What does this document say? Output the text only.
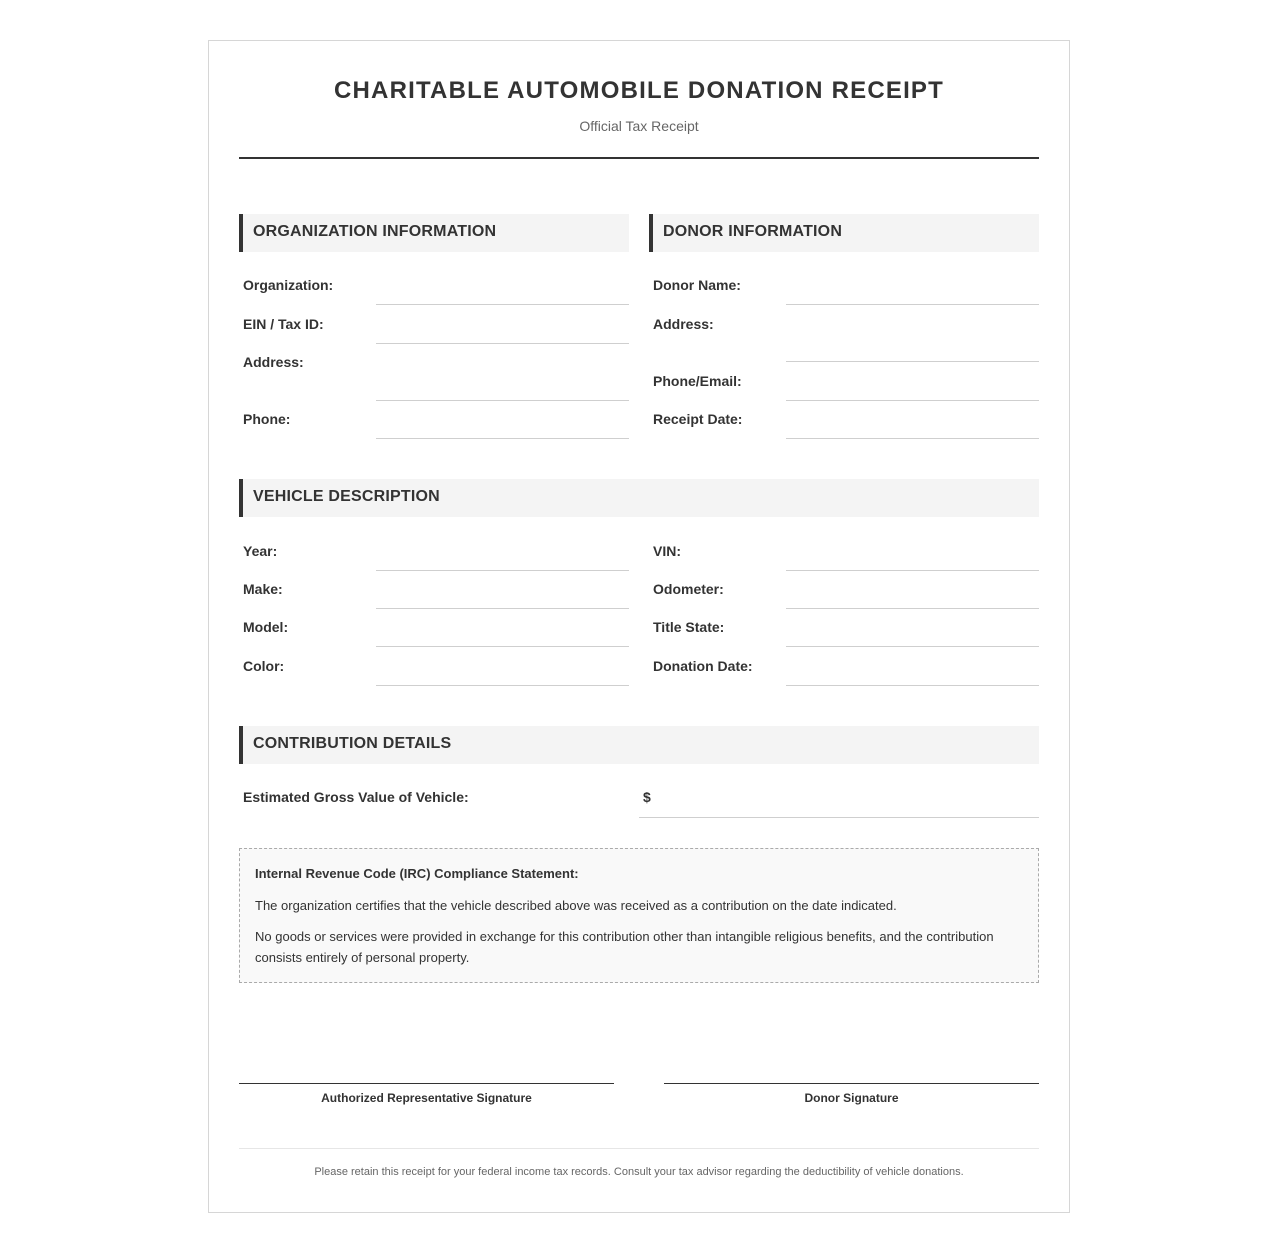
CHARITABLE AUTOMOBILE DONATION RECEIPT
Official Tax Receipt
ORGANIZATION INFORMATION
Organization:
EIN / Tax ID:
Address:
Phone:
DONOR INFORMATION
Donor Name:
Address:
Phone/Email:
Receipt Date:
VEHICLE DESCRIPTION
Year:
Make:
Model:
Color:
VIN:
Odometer:
Title State:
Donation Date:
CONTRIBUTION DETAILS
Estimated Gross Value of Vehicle:	$
Internal Revenue Code (IRC) Compliance Statement:
The organization certifies that the vehicle described above was received as a contribution on the date indicated.
No goods or services were provided in exchange for this contribution other than intangible religious benefits, and the contribution consists entirely of personal property.
Authorized Representative Signature	Donor Signature
Please retain this receipt for your federal income tax records. Consult your tax advisor regarding the deductibility of vehicle donations.
